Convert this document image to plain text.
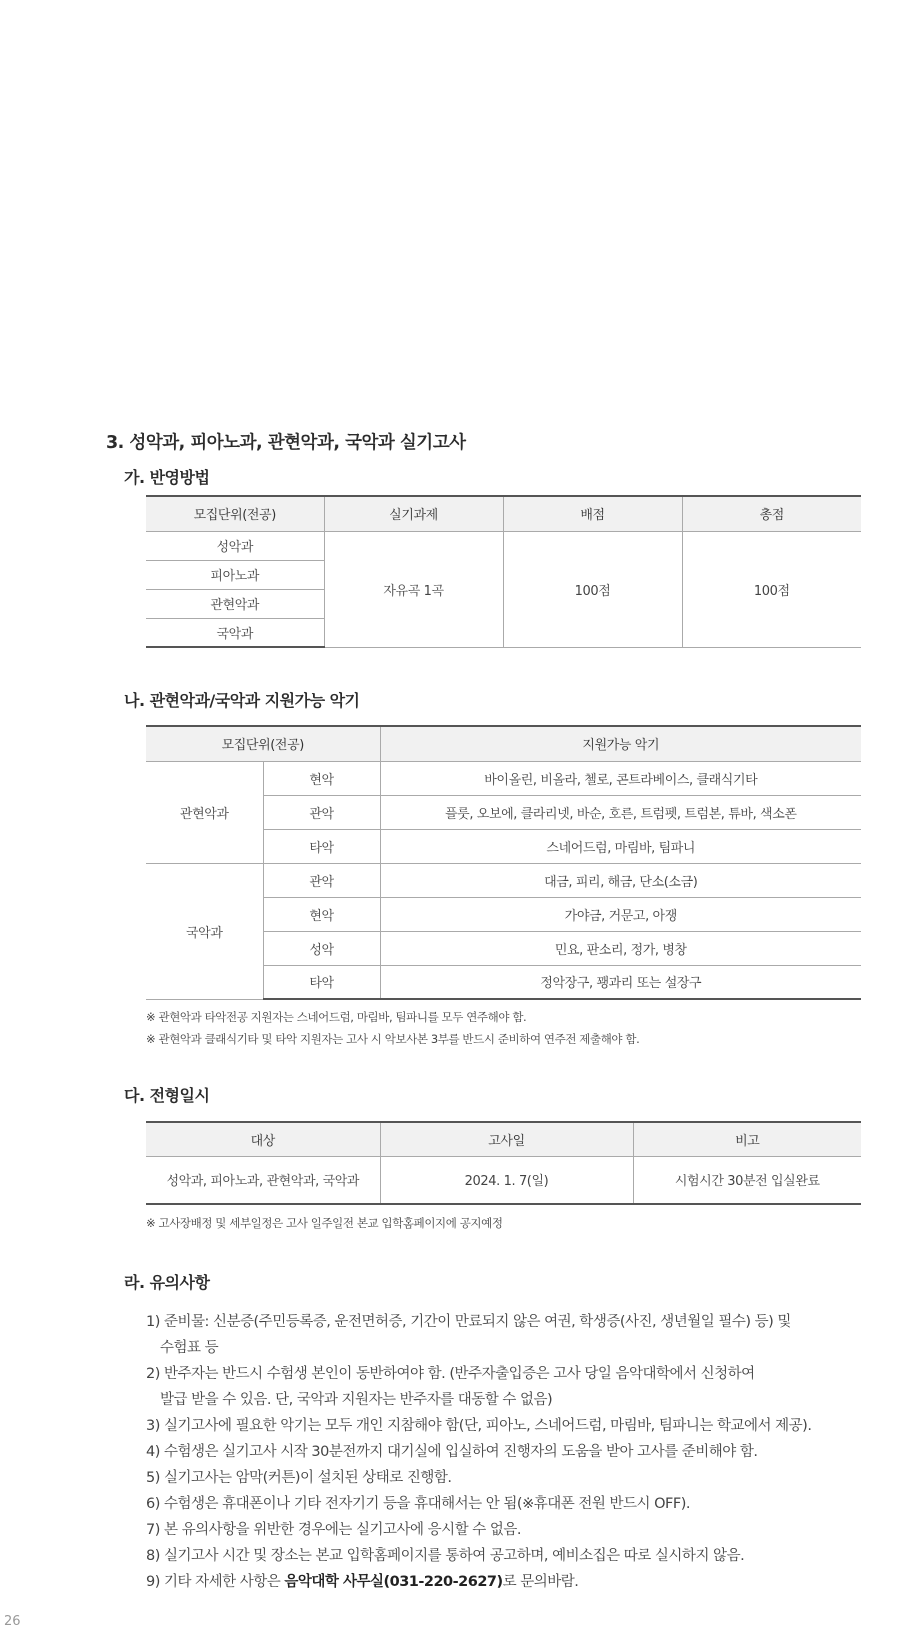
3. 성악과, 피아노과, 관현악과, 국악과 실기고사
가. 반영방법
모집단위(전공)	실기과제	배점	총점
성악과	자유곡 1곡	100점	100점
피아노과			
관현악과			
국악과			
나. 관현악과/국악과 지원가능 악기
모집단위(전공)		지원가능 악기
관현악과	현악	바이올린, 비올라, 첼로, 콘트라베이스, 클래식기타
	관악	플룻, 오보에, 클라리넷, 바순, 호른, 트럼펫, 트럼본, 튜바, 색소폰
	타악	스네어드럼, 마림바, 팀파니
국악과	관악	대금, 피리, 해금, 단소(소금)
	현악	가야금, 거문고, 아쟁
	성악	민요, 판소리, 정가, 병창
	타악	정악장구, 꽹과리 또는 설장구
※ 관현악과 타악전공 지원자는 스네어드럼, 마림바, 팀파니를 모두 연주해야 함.
※ 관현악과 클래식기타 및 타악 지원자는 고사 시 악보사본 3부를 반드시 준비하여 연주전 제출해야 함.
다. 전형일시
대상	고사일	비고
성악과, 피아노과, 관현악과, 국악과	2024. 1. 7(일)	시험시간 30분전 입실완료
※ 고사장배정 및 세부일정은 고사 일주일전 본교 입학홈페이지에 공지예정
라. 유의사항
1) 준비물: 신분증(주민등록증, 운전면허증, 기간이 만료되지 않은 여권, 학생증(사진, 생년월일 필수) 등) 및
수험표 등
2) 반주자는 반드시 수험생 본인이 동반하여야 함. (반주자출입증은 고사 당일 음악대학에서 신청하여
발급 받을 수 있음. 단, 국악과 지원자는 반주자를 대동할 수 없음)
3) 실기고사에 필요한 악기는 모두 개인 지참해야 함(단, 피아노, 스네어드럼, 마림바, 팀파니는 학교에서 제공).
4) 수험생은 실기고사 시작 30분전까지 대기실에 입실하여 진행자의 도움을 받아 고사를 준비해야 함.
5) 실기고사는 암막(커튼)이 설치된 상태로 진행함.
6) 수험생은 휴대폰이나 기타 전자기기 등을 휴대해서는 안 됨(※휴대폰 전원 반드시 OFF).
7) 본 유의사항을 위반한 경우에는 실기고사에 응시할 수 없음.
8) 실기고사 시간 및 장소는 본교 입학홈페이지를 통하여 공고하며, 예비소집은 따로 실시하지 않음.
9) 기타 자세한 사항은 음악대학 사무실(031-220-2627)로 문의바람.
26
